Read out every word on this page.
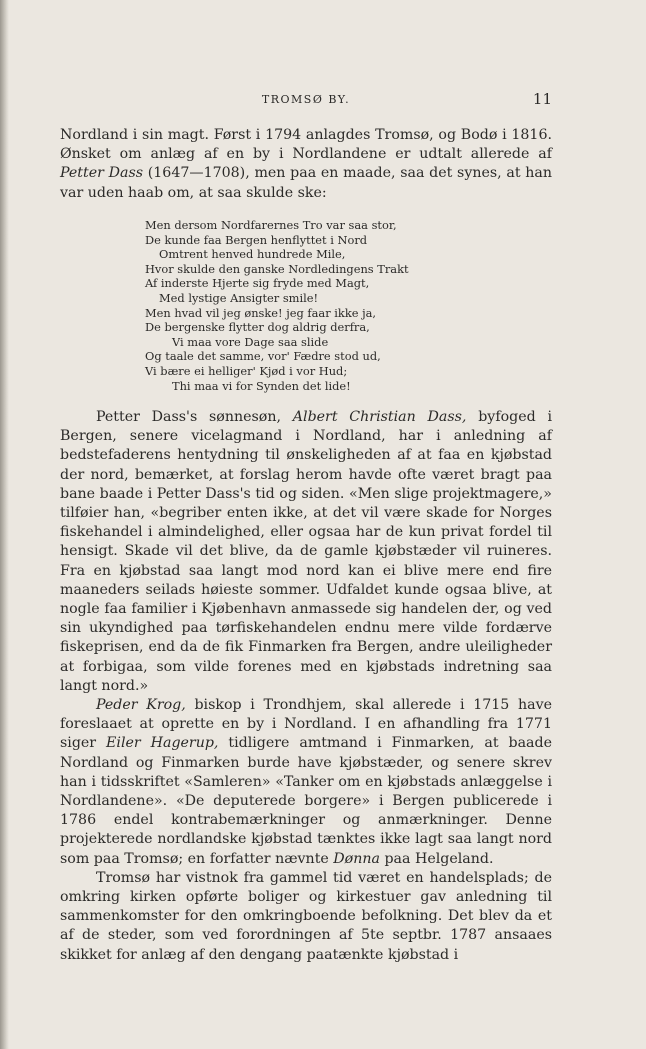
TROMSØ BY.	11

Nordland i sin magt. Først i 1794 anlagdes Tromsø, og Bodø i 1816. Ønsket om anlæg af en by i Nordlandene er udtalt allerede af Petter Dass (1647—1708), men paa en maade, saa det synes, at han var uden haab om, at saa skulde ske:

Men dersom Nordfarernes Tro var saa stor,
De kunde faa Bergen henflyttet i Nord
Omtrent henved hundrede Mile,
Hvor skulde den ganske Nordledingens Trakt
Af inderste Hjerte sig fryde med Magt,
Med lystige Ansigter smile!
Men hvad vil jeg ønske! jeg faar ikke ja,
De bergenske flytter dog aldrig derfra,
Vi maa vore Dage saa slide
Og taale det samme, vor' Fædre stod ud,
Vi bære ei helliger' Kjød i vor Hud;
Thi maa vi for Synden det lide!

Petter Dass's sønnesøn, Albert Christian Dass, byfoged i Bergen, senere vicelagmand i Nordland, har i anledning af bedstefaderens hentydning til ønskeligheden af at faa en kjøbstad der nord, bemærket, at forslag herom havde ofte været bragt paa bane baade i Petter Dass's tid og siden. «Men slige projektmagere,» tilføier han, «begriber enten ikke, at det vil være skade for Norges fiskehandel i almindelighed, eller ogsaa har de kun privat fordel til hensigt. Skade vil det blive, da de gamle kjøbstæder vil ruineres. Fra en kjøbstad saa langt mod nord kan ei blive mere end fire maaneders seilads høieste sommer. Udfaldet kunde ogsaa blive, at nogle faa familier i Kjøbenhavn anmassede sig handelen der, og ved sin ukyndighed paa tørfiskehandelen endnu mere vilde fordærve fiskeprisen, end da de fik Finmarken fra Bergen, andre uleiligheder at forbigaa, som vilde forenes med en kjøbstads indretning saa langt nord.»

Peder Krog, biskop i Trondhjem, skal allerede i 1715 have foreslaaet at oprette en by i Nordland. I en afhandling fra 1771 siger Eiler Hagerup, tidligere amtmand i Finmarken, at baade Nordland og Finmarken burde have kjøbstæder, og senere skrev han i tidsskriftet «Samleren» «Tanker om en kjøbstads anlæggelse i Nordlandene». «De deputerede borgere» i Bergen publicerede i 1786 endel kontrabemærkninger og anmærkninger. Denne projekterede nordlandske kjøbstad tænktes ikke lagt saa langt nord som paa Tromsø; en forfatter nævnte Dønna paa Helgeland.

Tromsø har vistnok fra gammel tid været en handelsplads; de omkring kirken opførte boliger og kirkestuer gav anledning til sammenkomster for den omkringboende befolkning. Det blev da et af de steder, som ved forordningen af 5te septbr. 1787 ansaaes skikket for anlæg af den dengang paatænkte kjøbstad i
